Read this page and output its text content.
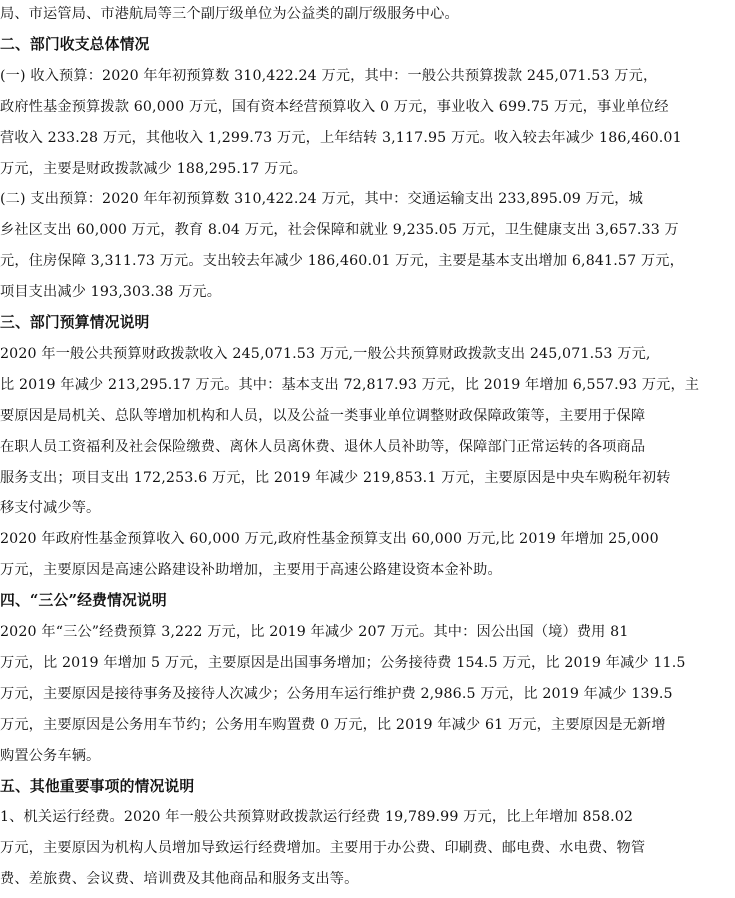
局、市运管局、市港航局等三个副厅级单位为公益类的副厅级服务中心。
二、部门收支总体情况
(一) 收入预算：2020 年年初预算数 310,422.24 万元，其中：一般公共预算拨款 245,071.53 万元，
政府性基金预算拨款 60,000 万元，国有资本经营预算收入 0 万元，事业收入 699.75 万元，事业单位经
营收入 233.28 万元，其他收入 1,299.73 万元，上年结转 3,117.95 万元。收入较去年减少 186,460.01
万元，主要是财政拨款减少 188,295.17 万元。
(二) 支出预算：2020 年年初预算数 310,422.24 万元，其中：交通运输支出 233,895.09 万元，城
乡社区支出 60,000 万元，教育 8.04 万元，社会保障和就业 9,235.05 万元，卫生健康支出 3,657.33 万
元，住房保障 3,311.73 万元。支出较去年减少 186,460.01 万元，主要是基本支出增加 6,841.57 万元，
项目支出减少 193,303.38 万元。
三、部门预算情况说明
2020 年一般公共预算财政拨款收入 245,071.53 万元,一般公共预算财政拨款支出 245,071.53 万元,
比 2019 年减少 213,295.17 万元。其中：基本支出 72,817.93 万元，比 2019 年增加 6,557.93 万元，主
要原因是局机关、总队等增加机构和人员，以及公益一类事业单位调整财政保障政策等，主要用于保障
在职人员工资福利及社会保险缴费、离休人员离休费、退休人员补助等，保障部门正常运转的各项商品
服务支出；项目支出 172,253.6 万元，比 2019 年减少 219,853.1 万元，主要原因是中央车购税年初转
移支付减少等。
2020 年政府性基金预算收入 60,000 万元,政府性基金预算支出 60,000 万元,比 2019 年增加 25,000
万元，主要原因是高速公路建设补助增加，主要用于高速公路建设资本金补助。
四、“三公”经费情况说明
2020 年“三公”经费预算 3,222 万元，比 2019 年减少 207 万元。其中：因公出国（境）费用 81
万元，比 2019 年增加 5 万元，主要原因是出国事务增加；公务接待费 154.5 万元，比 2019 年减少 11.5
万元，主要原因是接待事务及接待人次减少；公务用车运行维护费 2,986.5 万元，比 2019 年减少 139.5
万元，主要原因是公务用车节约；公务用车购置费 0 万元，比 2019 年减少 61 万元，主要原因是无新增
购置公务车辆。
五、其他重要事项的情况说明
1、机关运行经费。2020 年一般公共预算财政拨款运行经费 19,789.99 万元，比上年增加 858.02
万元，主要原因为机构人员增加导致运行经费增加。主要用于办公费、印刷费、邮电费、水电费、物管
费、差旅费、会议费、培训费及其他商品和服务支出等。
